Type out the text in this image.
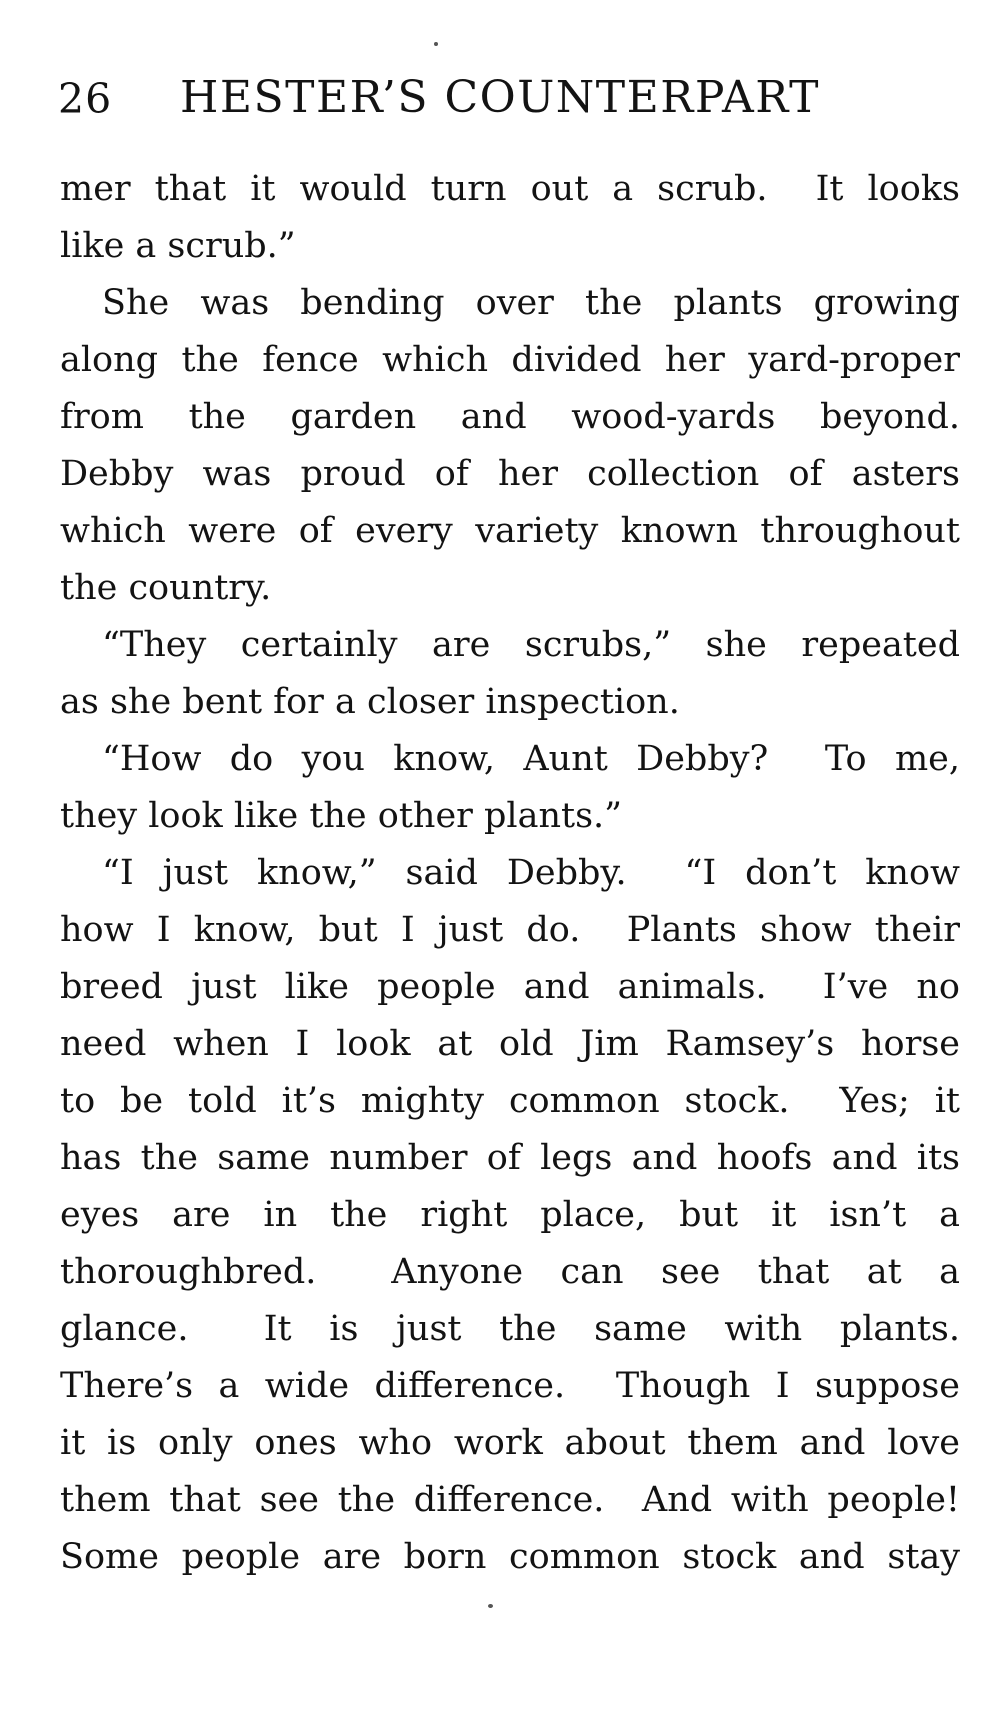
26	HESTER’S COUNTERPART
mer that it would turn out a scrub.  It looks
like a scrub.”
She was bending over the plants growing
along the fence which divided her yard-proper
from the garden and wood-yards beyond.
Debby was proud of her collection of asters
which were of every variety known throughout
the country.
“They certainly are scrubs,” she repeated
as she bent for a closer inspection.
“How do you know, Aunt Debby?  To me,
they look like the other plants.”
“I just know,” said Debby.  “I don’t know
how I know, but I just do.  Plants show their
breed just like people and animals.  I’ve no
need when I look at old Jim Ramsey’s horse
to be told it’s mighty common stock.  Yes; it
has the same number of legs and hoofs and its
eyes are in the right place, but it isn’t a
thoroughbred.  Anyone can see that at a
glance.  It is just the same with plants.
There’s a wide difference.  Though I suppose
it is only ones who work about them and love
them that see the difference.  And with people!
Some people are born common stock and stay
